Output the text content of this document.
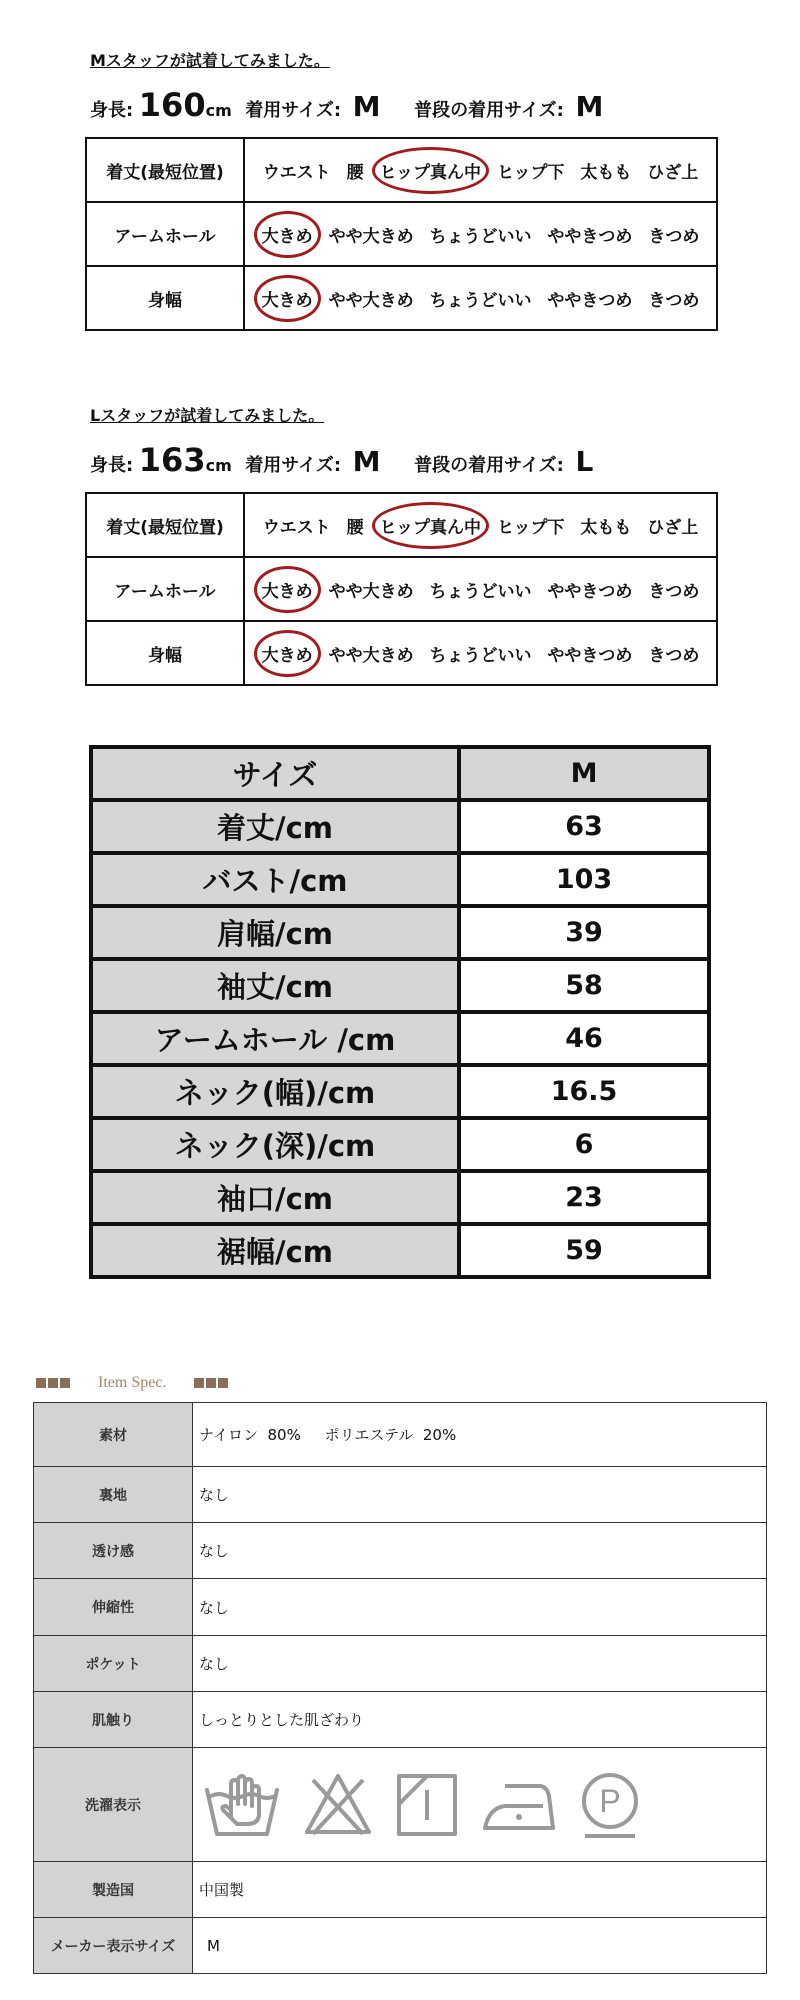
Mスタッフが試着してみました。
身長: 160cm 着用サイズ: M 普段の着用サイズ: M
着丈(最短位置)	ウエスト 腰 ヒップ真ん中 ヒップ下 太もも ひざ上
アームホール	大きめ やや大きめ ちょうどいい ややきつめ きつめ
身幅	大きめ やや大きめ ちょうどいい ややきつめ きつめ
Lスタッフが試着してみました。
身長: 163cm 着用サイズ: M 普段の着用サイズ: L
着丈(最短位置)	ウエスト 腰 ヒップ真ん中 ヒップ下 太もも ひざ上
アームホール	大きめ やや大きめ ちょうどいい ややきつめ きつめ
身幅	大きめ やや大きめ ちょうどいい ややきつめ きつめ
サイズ	M
着丈/cm	63
バスト/cm	103
肩幅/cm	39
袖丈/cm	58
アームホール /cm	46
ネック(幅)/cm	16.5
ネック(深)/cm	6
袖口/cm	23
裾幅/cm	59
Item Spec.
素材	ナイロン  80%     ポリエステル  20%
裏地	なし
透け感	なし
伸縮性	なし
ポケット	なし
肌触り	しっとりとした肌ざわり
洗濯表示	P

製造国	中国製
メーカー表示サイズ	M
